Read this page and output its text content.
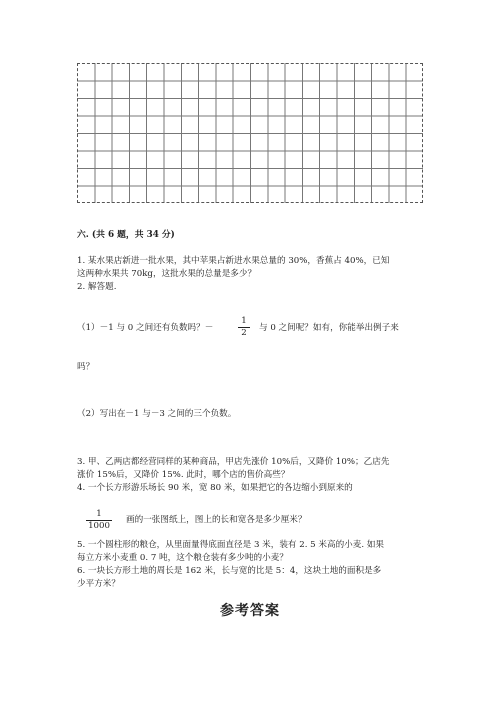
六. (共 6 题，共 34 分)
1. 某水果店新进一批水果，其中苹果占新进水果总量的 30%，香蕉占 40%，已知
这两种水果共 70kg，这批水果的总量是多少？
2. 解答题.
（1）－1 与 0 之间还有负数吗？－
1
2	与 0 之间呢？如有，你能举出例子来
吗？
（2）写出在－1 与－3 之间的三个负数。
3. 甲、乙两店都经营同样的某种商品，甲店先涨价 10%后，又降价 10%；乙店先
涨价 15%后，又降价 15%. 此时，哪个店的售价高些？
4. 一个长方形游乐场长 90 米，宽 80 米，如果把它的各边缩小到原来的
1
1000
画的一张图纸上，图上的长和宽各是多少厘米？
5. 一个圆柱形的粮仓，从里面量得底面直径是 3 米，装有 2. 5 米高的小麦. 如果
每立方米小麦重 0. 7 吨，这个粮仓装有多少吨的小麦？
6. 一块长方形土地的周长是 162 米，长与宽的比是 5：4，这块土地的面积是多
少平方米？
参考答案
